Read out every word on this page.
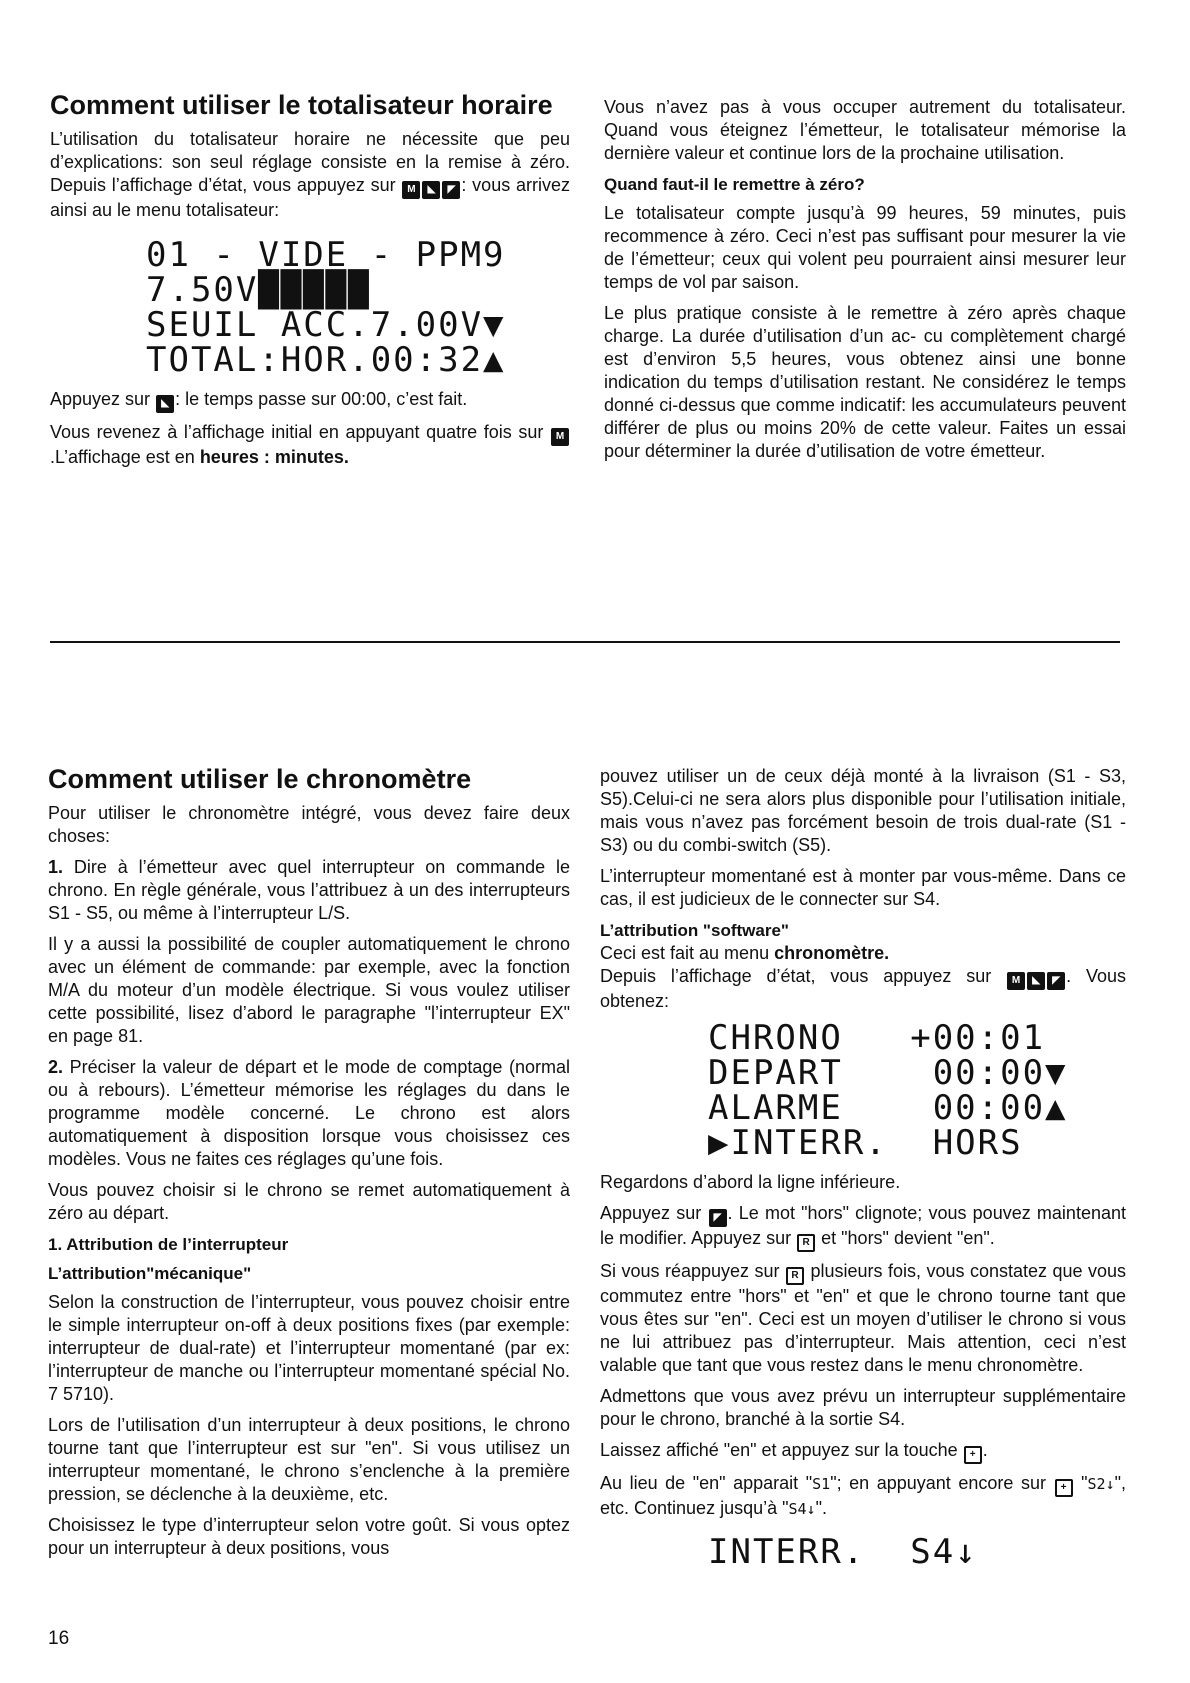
Comment utiliser le totalisateur horaire

L’utilisation du totalisateur horaire ne nécessite que peu d’explications: son seul réglage consiste en la remise à zéro. Depuis l’affichage d’état, vous appuyez sur M ◣ ◤ : vous arrivez ainsi au le menu totalisateur:

01 - VIDE - PPM9
7.50V█████
SEUIL ACC.7.00V▼
TOTAL:HOR.00:32▲

Appuyez sur ◣ : le temps passe sur 00:00, c’est fait.

Vous revenez à l’affichage initial en appuyant quatre fois sur M.L’affichage est en heures : minutes.

Vous n’avez pas à vous occuper autrement du totalisateur. Quand vous éteignez l’émetteur, le totalisateur mémorise la dernière valeur et continue lors de la prochaine utilisation.

Quand faut-il le remettre à zéro?

Le totalisateur compte jusqu’à 99 heures, 59 minutes, puis recommence à zéro. Ceci n’est pas suffisant pour mesurer la vie de l’émetteur; ceux qui volent peu pourraient ainsi mesurer leur temps de vol par saison.

Le plus pratique consiste à le remettre à zéro après chaque charge. La durée d’utilisation d’un ac- cu complètement chargé est d’environ 5,5 heures, vous obtenez ainsi une bonne indication du temps d’utilisation restant. Ne considérez le temps donné ci-dessus que comme indicatif: les accumulateurs peuvent différer de plus ou moins 20% de cette valeur. Faites un essai pour déterminer la durée d’utilisation de votre émetteur.

Comment utiliser le chronomètre

Pour utiliser le chronomètre intégré, vous devez faire deux choses:

1. Dire à l’émetteur avec quel interrupteur on commande le chrono. En règle générale, vous l’attribuez à un des interrupteurs S1 - S5, ou même à l’interrupteur L/S.

Il y a aussi la possibilité de coupler automatiquement le chrono avec un élément de commande: par exemple, avec la fonction M/A du moteur d’un modèle électrique. Si vous voulez utiliser cette possibilité, lisez d’abord le paragraphe "l’interrupteur EX" en page 81.

2. Préciser la valeur de départ et le mode de comptage (normal ou à rebours). L’émetteur mémorise les réglages du dans le programme modèle concerné. Le chrono est alors automatiquement à disposition lorsque vous choisissez ces modèles. Vous ne faites ces réglages qu’une fois.

Vous pouvez choisir si le chrono se remet automatiquement à zéro au départ.

1. Attribution de l’interrupteur
L’attribution"mécanique"

Selon la construction de l’interrupteur, vous pouvez choisir entre le simple interrupteur on-off à deux positions fixes (par exemple: interrupteur de dual-rate) et l’interrupteur momentané (par ex: l’interrupteur de manche ou l’interrupteur momentané spécial No. 7 5710).

Lors de l’utilisation d’un interrupteur à deux positions, le chrono tourne tant que l’interrupteur est sur "en". Si vous utilisez un interrupteur momentané, le chrono s’enclenche à la première pression, se déclenche à la deuxième, etc.

Choisissez le type d’interrupteur selon votre goût. Si vous optez pour un interrupteur à deux positions, vous

pouvez utiliser un de ceux déjà monté à la livraison (S1 - S3, S5).Celui-ci ne sera alors plus disponible pour l’utilisation initiale, mais vous n’avez pas forcément besoin de trois dual-rate (S1 - S3) ou du combi-switch (S5).

L’interrupteur momentané est à monter par vous-même. Dans ce cas, il est judicieux de le connecter sur S4.

L’attribution "software"

Ceci est fait au menu chronomètre.

Depuis l’affichage d’état, vous appuyez sur M ◣ ◤ . Vous obtenez:

CHRONO   +00:01
DEPART    00:00▼
ALARME    00:00▲
▶INTERR.  HORS

Regardons d’abord la ligne inférieure.

Appuyez sur ◤ . Le mot "hors" clignote; vous pouvez maintenant le modifier. Appuyez sur R et "hors" devient "en".

Si vous réappuyez sur R plusieurs fois, vous constatez que vous commutez entre "hors" et "en" et que le chrono tourne tant que vous êtes sur "en". Ceci est un moyen d’utiliser le chrono si vous ne lui attribuez pas d’interrupteur. Mais attention, ceci n’est valable que tant que vous restez dans le menu chronomètre.

Admettons que vous avez prévu un interrupteur supplémentaire pour le chrono, branché à la sortie S4.

Laissez affiché "en" et appuyez sur la touche + .

Au lieu de "en" apparait "S1"; en appuyant encore sur + "S2↓", etc. Continuez jusqu’à "S4↓".

INTERR.  S4↓
16
